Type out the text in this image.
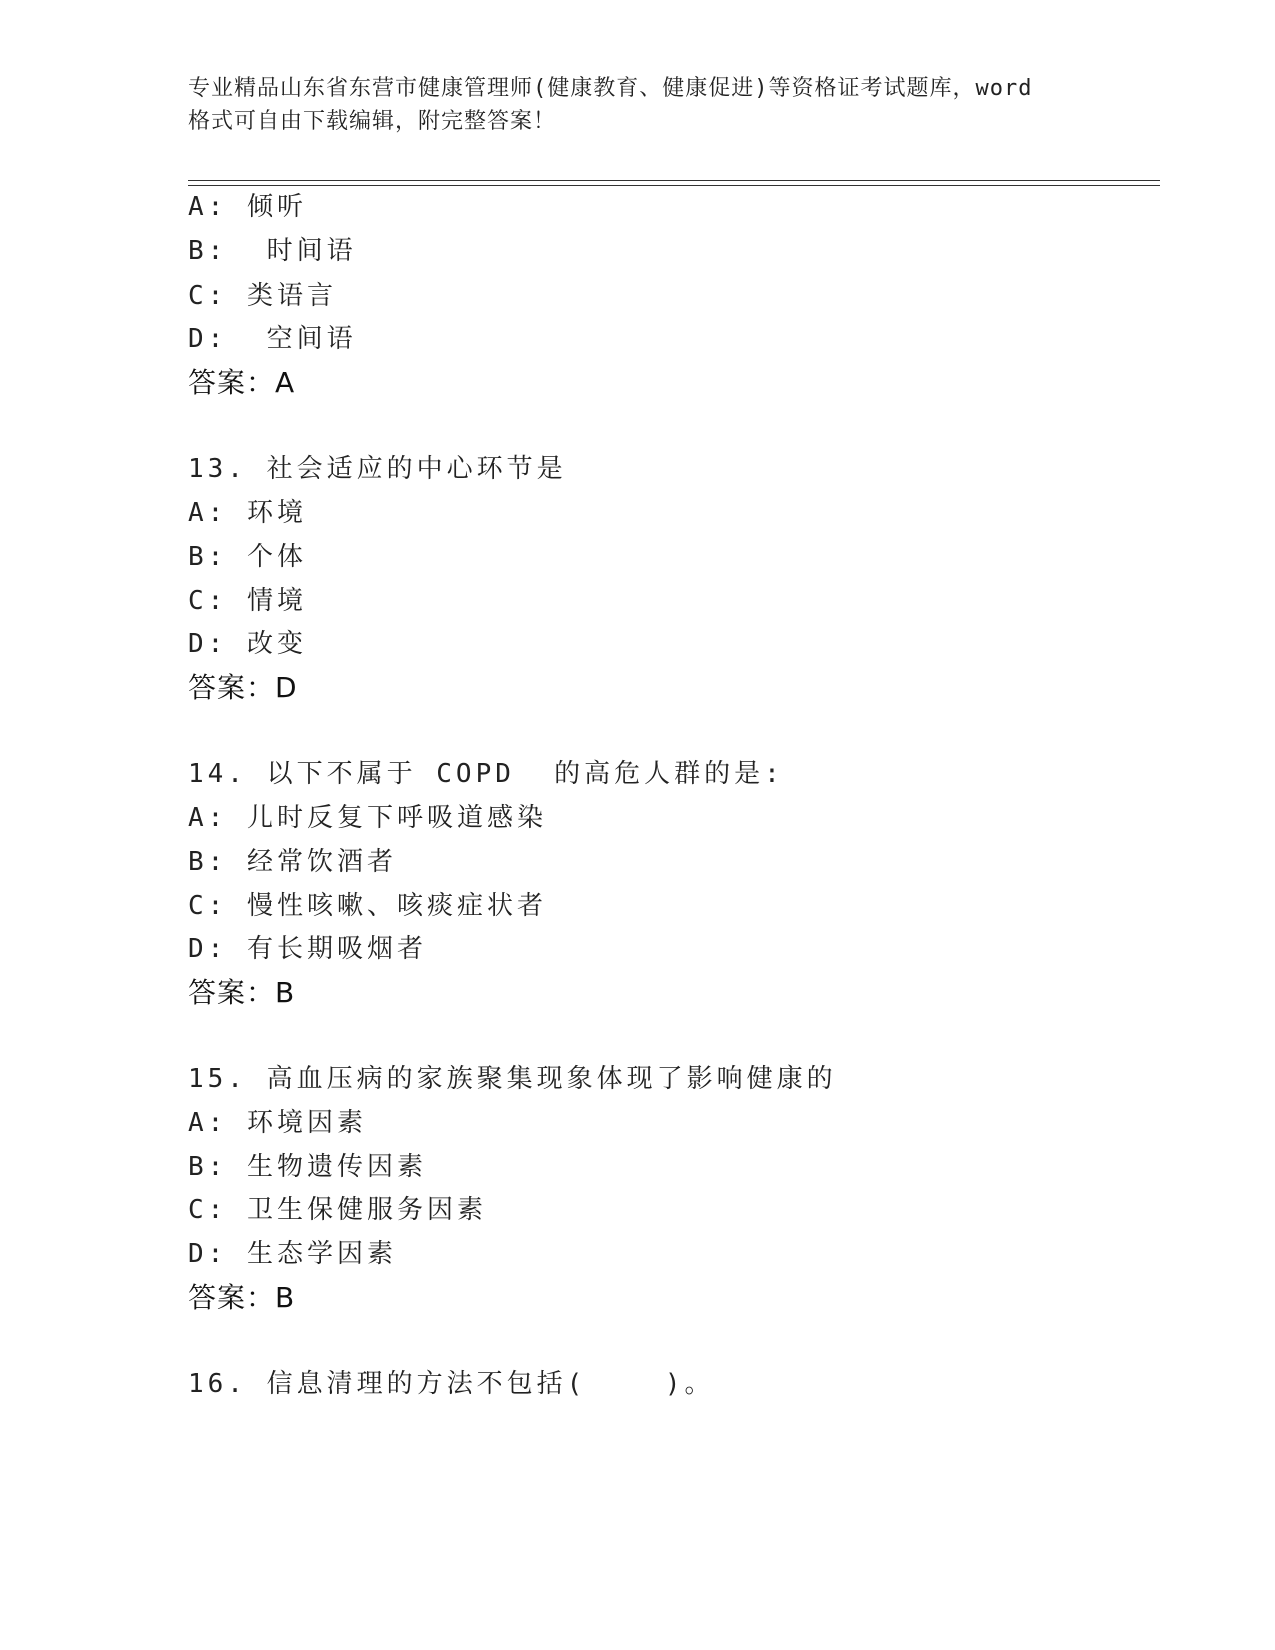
专业精品山东省东营市健康管理师(健康教育、健康促进)等资格证考试题库，word
格式可自由下载编辑，附完整答案！
A: 倾听
B:  时间语
C: 类语言
D:  空间语
答案：A
13. 社会适应的中心环节是
A: 环境
B: 个体
C: 情境
D: 改变
答案：D
14. 以下不属于 COPD  的高危人群的是:
A: 儿时反复下呼吸道感染
B: 经常饮酒者
C: 慢性咳嗽、咳痰症状者
D: 有长期吸烟者
答案：B
15. 高血压病的家族聚集现象体现了影响健康的
A: 环境因素
B: 生物遗传因素
C: 卫生保健服务因素
D: 生态学因素
答案：B
16. 信息清理的方法不包括(    )。
